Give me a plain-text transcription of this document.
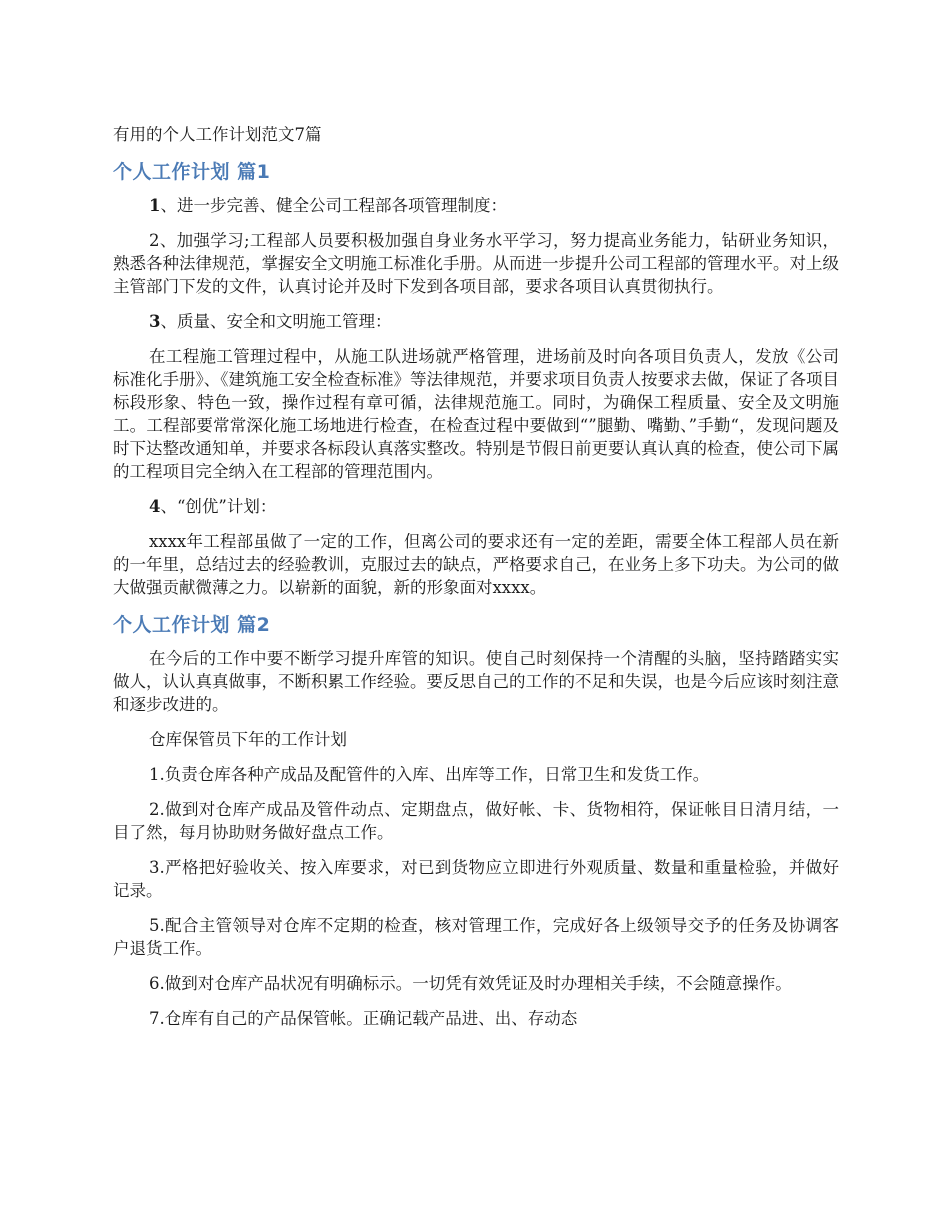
有用的个人工作计划范文7篇
个人工作计划 篇1

1、进一步完善、健全公司工程部各项管理制度：

2、加强学习;工程部人员要积极加强自身业务水平学习，努力提高业务能力，钻研业务知识，熟悉各种法律规范，掌握安全文明施工标准化手册。从而进一步提升公司工程部的管理水平。对上级主管部门下发的文件，认真讨论并及时下发到各项目部，要求各项目认真贯彻执行。

3、质量、安全和文明施工管理：

在工程施工管理过程中，从施工队进场就严格管理，进场前及时向各项目负责人，发放《公司标准化手册》、《建筑施工安全检查标准》等法律规范，并要求项目负责人按要求去做，保证了各项目标段形象、特色一致，操作过程有章可循，法律规范施工。同时，为确保工程质量、安全及文明施工。工程部要常常深化施工场地进行检查，在检查过程中要做到“”腿勤、嘴勤、”手勤“，发现问题及时下达整改通知单，并要求各标段认真落实整改。特别是节假日前更要认真认真的检查，使公司下属的工程项目完全纳入在工程部的管理范围内。

4、“创优”计划：

xxxx年工程部虽做了一定的工作，但离公司的要求还有一定的差距，需要全体工程部人员在新的一年里，总结过去的经验教训，克服过去的缺点，严格要求自己，在业务上多下功夫。为公司的做大做强贡献微薄之力。以崭新的面貌，新的形象面对xxxx。

个人工作计划 篇2

在今后的工作中要不断学习提升库管的知识。使自己时刻保持一个清醒的头脑，坚持踏踏实实做人，认认真真做事，不断积累工作经验。要反思自己的工作的不足和失误，也是今后应该时刻注意和逐步改进的。

仓库保管员下年的工作计划

1.负责仓库各种产成品及配管件的入库、出库等工作，日常卫生和发货工作。

2.做到对仓库产成品及管件动点、定期盘点，做好帐、卡、货物相符，保证帐目日清月结，一目了然，每月协助财务做好盘点工作。

3.严格把好验收关、按入库要求，对已到货物应立即进行外观质量、数量和重量检验，并做好记录。

5.配合主管领导对仓库不定期的检查，核对管理工作，完成好各上级领导交予的任务及协调客户退货工作。

6.做到对仓库产品状况有明确标示。一切凭有效凭证及时办理相关手续，不会随意操作。

7.仓库有自己的产品保管帐。正确记载产品进、出、存动态
